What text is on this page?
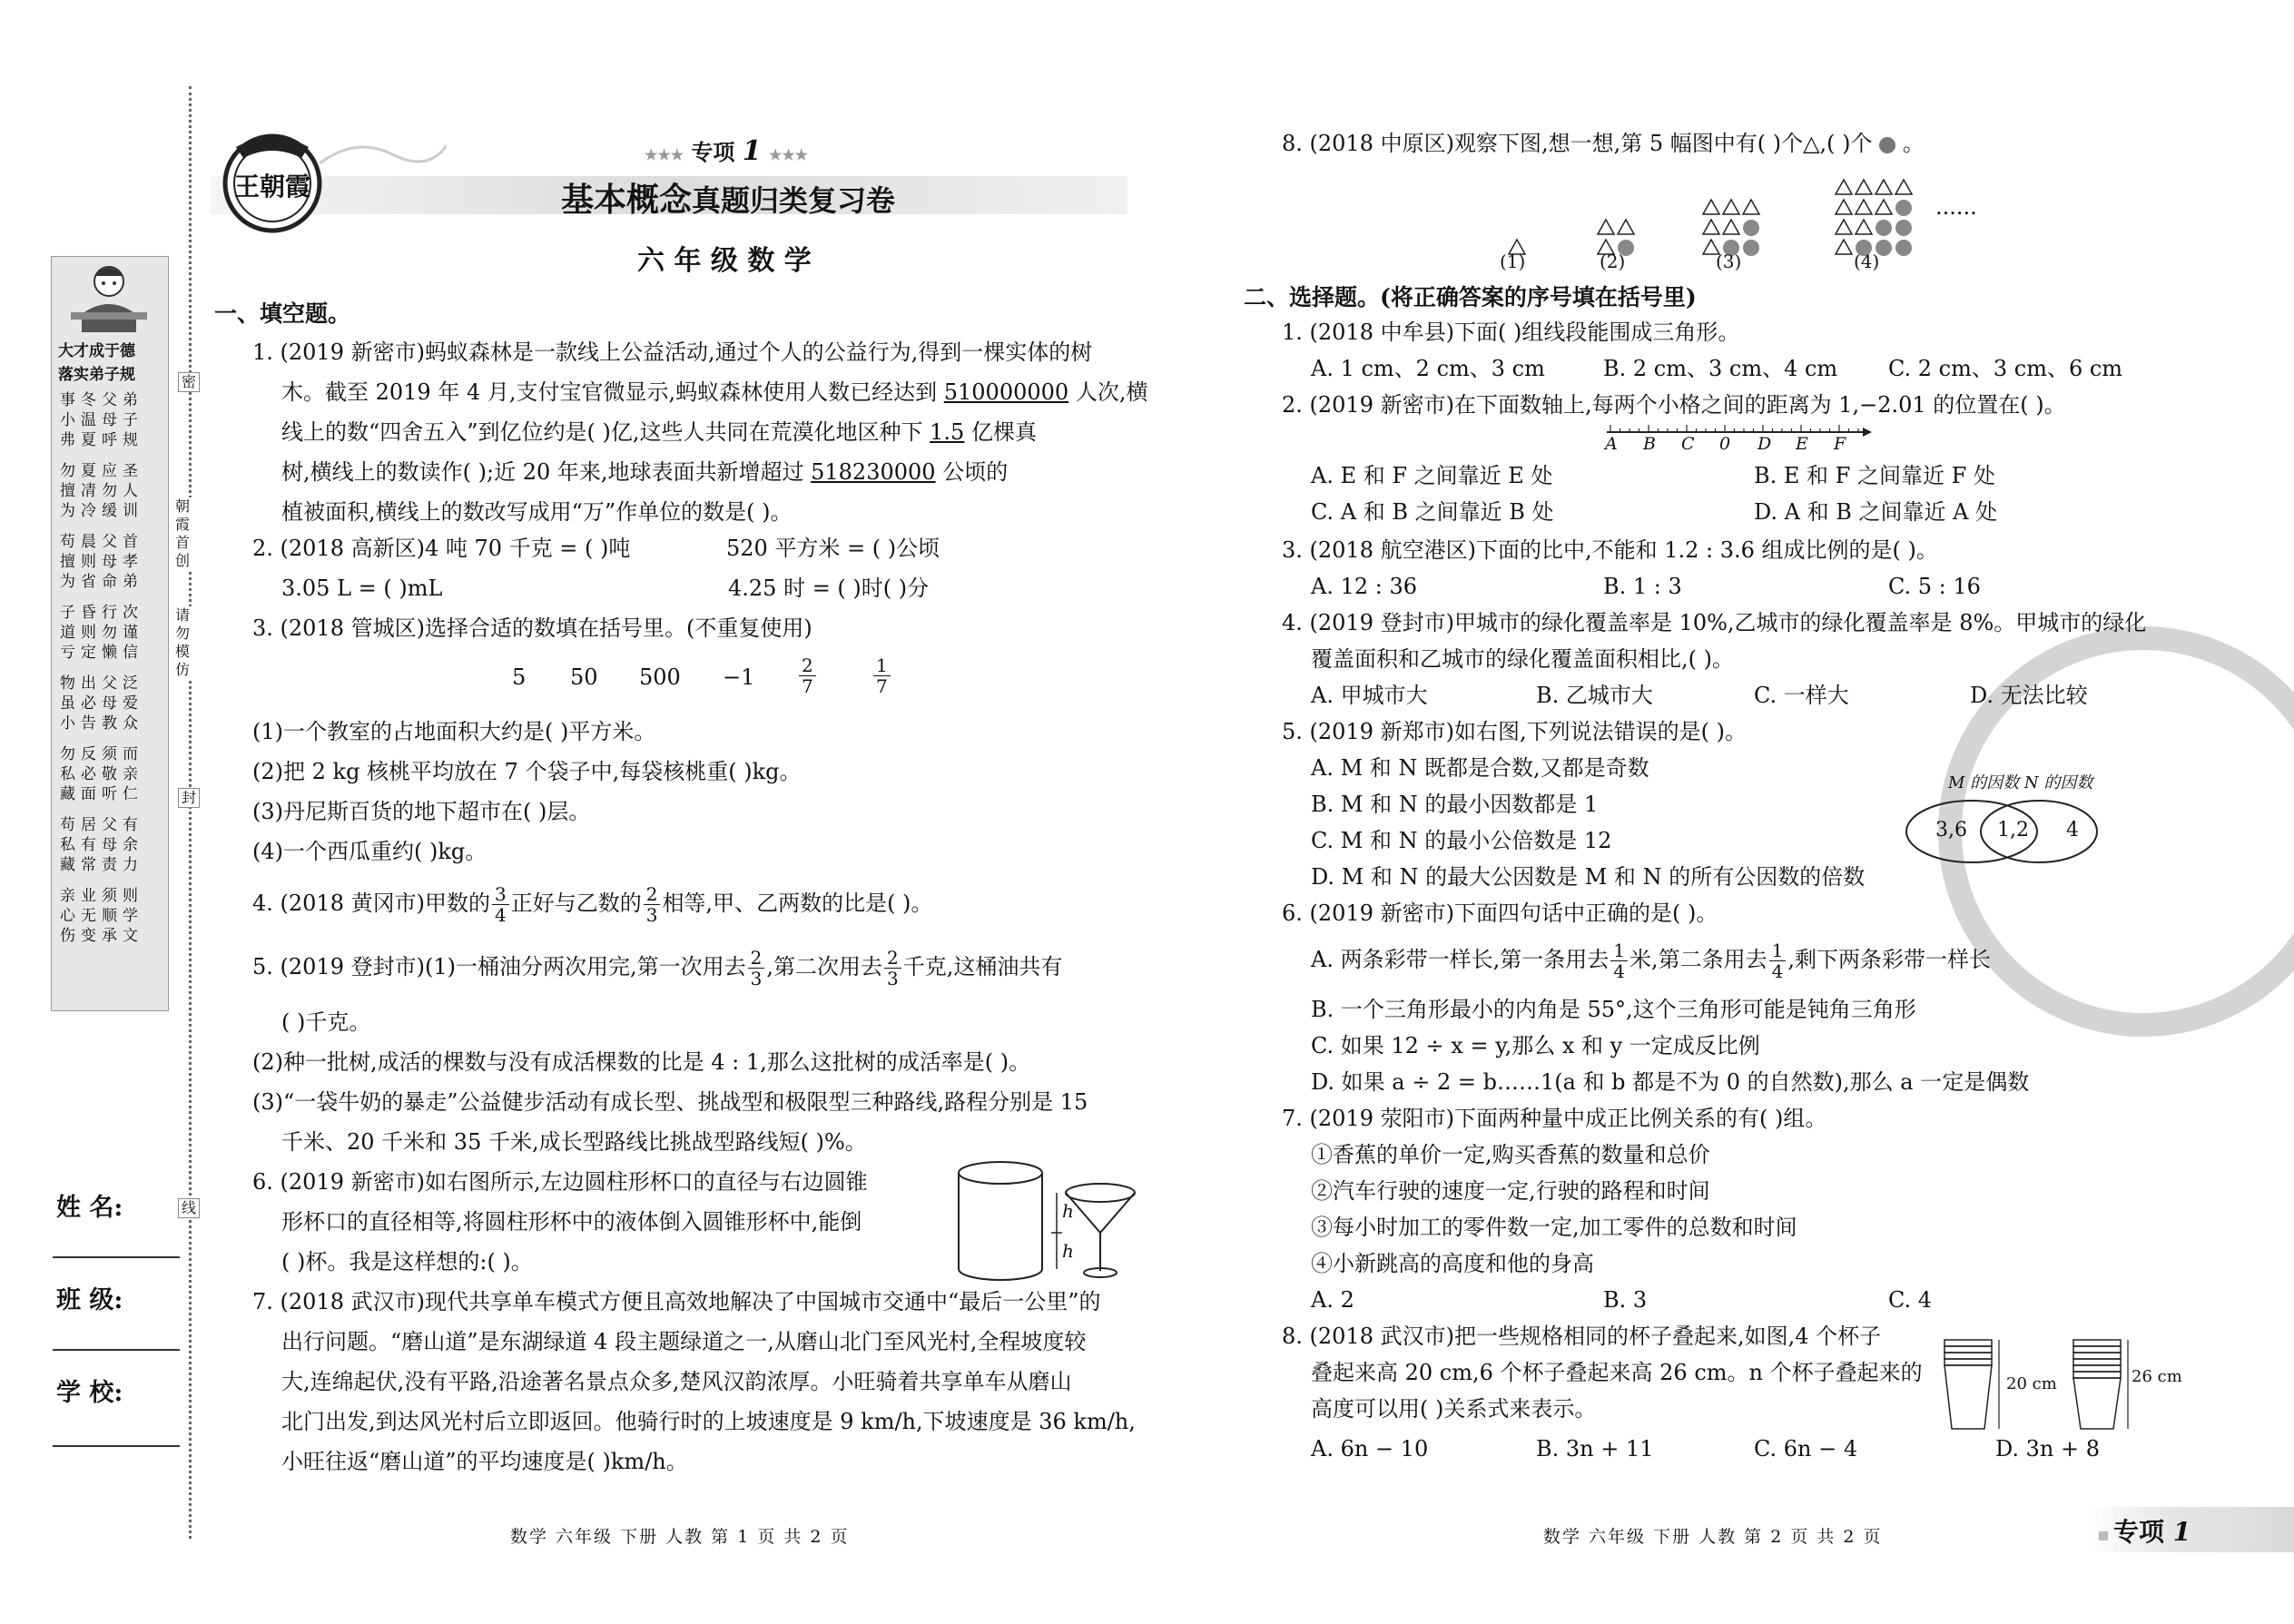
大才成于德
落实弟子规
事冬父弟
小温母子
弗夏呼规
勿夏应圣
擅凊勿人
为冷缓训
苟晨父首
擅则母孝
为省命弟
子昏行次
道则勿谨
亏定懒信
物出父泛
虽必母爱
小告教众
勿反须而
私必敬亲
藏面听仁
苟居父有
私有母余
藏常责力
亲业须则
心无顺学
伤变承文
密
朝霞首创
请勿模仿
封
线
姓 名:
班 级:
学 校:
王朝霞
★★★ 专项 1 ★★★
基本概念真题归类复习卷
六 年 级 数 学
一、填空题。
1. (2019 新密市)蚂蚁森林是一款线上公益活动,通过个人的公益行为,得到一棵实体的树
木。截至 2019 年 4 月,支付宝官微显示,蚂蚁森林使用人数已经达到 510000000 人次,横
线上的数“四舍五入”到亿位约是( )亿,这些人共同在荒漠化地区种下 1.5 亿棵真
树,横线上的数读作( );近 20 年来,地球表面共新增超过 518230000 公顷的
植被面积,横线上的数改写成用“万”作单位的数是( )。
2. (2018 高新区)4 吨 70 千克 = ( )吨	520 平方米 = ( )公顷
3.05 L = ( )mL	4.25 时 = ( )时( )分
3. (2018 管城区)选择合适的数填在括号里。(不重复使用)
5 50 $500 -1 \frac{2}{7}$	$\frac{1}{7}$
(1)一个教室的占地面积大约是( )平方米。
(2)把 2 kg 核桃平均放在 7 个袋子中,每袋核桃重( )kg。
(3)丹尼斯百货的地下超市在( )层。
(4)一个西瓜重约( )kg。
4. (2018 黄冈市)甲数的 $\frac{3}{4}$ 正好与乙数的 $\frac{2}{3}$ 相等,甲、乙两数的比是( )。
5. (2019 登封市)(1)一桶油分两次用完,第一次用去 $\frac{2}{3}$ ,第二次用去 $\frac{2}{3}$ 千克,这桶油共有
( )千克。
(2)种一批树,成活的棵数与没有成活棵数的比是 4 : 1,那么这批树的成活率是( )。
(3)“一袋牛奶的暴走”公益健步活动有成长型、挑战型和极限型三种路线,路程分别是 15
千米、20 千米和 35 千米,成长型路线比挑战型路线短( )%。
6. (2019 新密市)如右图所示,左边圆柱形杯口的直径与右边圆锥
形杯口的直径相等,将圆柱形杯中的液体倒入圆锥形杯中,能倒
( )杯。我是这样想的:( )。
h
h
7. (2018 武汉市)现代共享单车模式方便且高效地解决了中国城市交通中“最后一公里”的
出行问题。“磨山道”是东湖绿道 4 段主题绿道之一,从磨山北门至风光村,全程坡度较
大,连绵起伏,没有平路,沿途著名景点众多,楚风汉韵浓厚。小旺骑着共享单车从磨山
北门出发,到达风光村后立即返回。他骑行时的上坡速度是 9 km/h,下坡速度是 36 km/h,
小旺往返“磨山道”的平均速度是( )km/h。
8. (2018 中原区)观察下图,想一想,第 5 幅图中有( )个△,( )个  。
(1)	(2)	(3)	(4)
......
二、选择题。(将正确答案的序号填在括号里)
1. (2018 中牟县)下面( )组线段能围成三角形。
A. 1 cm、2 cm、3 cm	B. 2 cm、3 cm、4 cm C. 2 cm、3 cm、6 cm
2. (2019 新密市)在下面数轴上,每两个小格之间的距离为 1,−2.01 的位置在( )。
A B C 0 D E F
A. E 和 F 之间靠近 E 处	B. E 和 F 之间靠近 F 处
C. A 和 B 之间靠近 B 处	D. A 和 B 之间靠近 A 处
3. (2018 航空港区)下面的比中,不能和 1.2 : 3.6 组成比例的是( )。
A. 12 : 36	B. 1 : 3	C. 5 : 16
4. (2019 登封市)甲城市的绿化覆盖率是 10%,乙城市的绿化覆盖率是 8%。甲城市的绿化
覆盖面积和乙城市的绿化覆盖面积相比,( )。
A. 甲城市大	B. 乙城市大	C. 一样大	D. 无法比较
5. (2019 新郑市)如右图,下列说法错误的是( )。
A. M 和 N 既都是合数,又都是奇数
B. M 和 N 的最小因数都是 1
C. M 和 N 的最小公倍数是 12
D. M 和 N 的最大公因数是 M 和 N 的所有公因数的倍数
M 的因数 N 的因数
3,6 1,2 4
6. (2019 新密市)下面四句话中正确的是( )。
A. 两条彩带一样长,第一条用去 $\frac{1}{4}$ 米,第二条用去 $\frac{1}{4}$ ,剩下两条彩带一样长
B. 一个三角形最小的内角是 55°,这个三角形可能是钝角三角形
C. 如果 12 ÷ x = y,那么 x 和 y 一定成反比例
D. 如果 a ÷ 2 = b……1(a 和 b 都是不为 0 的自然数),那么 a 一定是偶数
7. (2019 荥阳市)下面两种量中成正比例关系的有( )组。
①香蕉的单价一定,购买香蕉的数量和总价
②汽车行驶的速度一定,行驶的路程和时间
③每小时加工的零件数一定,加工零件的总数和时间
④小新跳高的高度和他的身高
A. 2	B. 3	C. 4
8. (2018 武汉市)把一些规格相同的杯子叠起来,如图,4 个杯子
叠起来高 20 cm,6 个杯子叠起来高 26 cm。n 个杯子叠起来的
高度可以用( )关系式来表示。
A. 6n − 10	B. 3n + 11	C. 6n − 4	D. 3n + 8
20 cm	26 cm
数学 六年级 下册 人教 第 1 页 共 2 页	数学 六年级 下册 人教 第 2 页 共 2 页	专项 1
